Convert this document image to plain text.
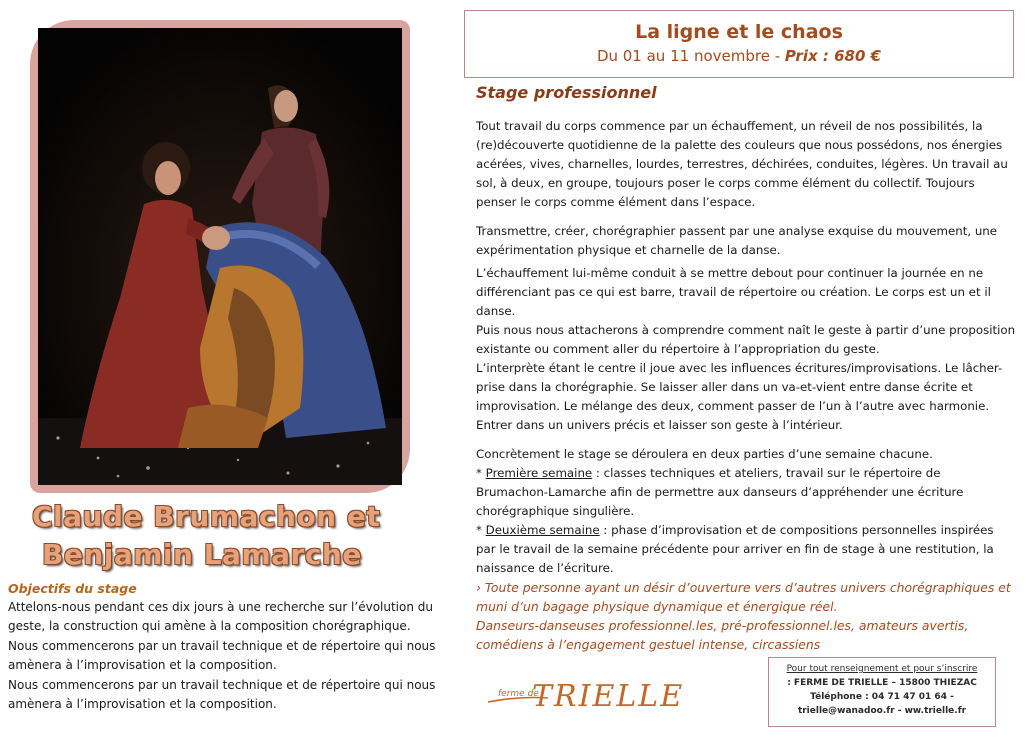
Claude Brumachon et
Benjamin Lamarche
Objectifs du stage

Attelons-nous pendant ces dix jours à une recherche sur l’évolution du geste, la construction qui amène à la composition chorégraphique.

Nous commencerons par un travail technique et de répertoire qui nous amènera à l’improvisation et la composition.

Nous commencerons par un travail technique et de répertoire qui nous amènera à l’improvisation et la composition.

La ligne et le chaos
Du 01 au 11 novembre - Prix : 680 €
Stage professionnel

Tout travail du corps commence par un échauffement, un réveil de nos possibilités, la (re)découverte quotidienne de la palette des couleurs que nous possédons, nos énergies acérées, vives, charnelles, lourdes, terrestres, déchirées, conduites, légères. Un travail au sol, à deux, en groupe, toujours poser le corps comme élément du collectif. Toujours penser le corps comme élément dans l’espace.

Transmettre, créer, chorégraphier passent par une analyse exquise du mouvement, une expérimentation physique et charnelle de la danse.

L’échauffement lui-même conduit à se mettre debout pour continuer la journée en ne différenciant pas ce qui est barre, travail de répertoire ou création. Le corps est un et il danse.

Puis nous nous attacherons à comprendre comment naît le geste à partir d’une proposition existante ou comment aller du répertoire à l’appropriation du geste.

L’interprète étant le centre il joue avec les influences écritures/improvisations. Le lâcher-prise dans la chorégraphie. Se laisser aller dans un va-et-vient entre danse écrite et improvisation. Le mélange des deux, comment passer de l’un à l’autre avec harmonie. Entrer dans un univers précis et laisser son geste à l’intérieur.

Concrètement le stage se déroulera en deux parties d’une semaine chacune.

* Première semaine : classes techniques et ateliers, travail sur le répertoire de Brumachon-Lamarche afin de permettre aux danseurs d’appréhender une écriture chorégraphique singulière.

* Deuxième semaine : phase d’improvisation et de compositions personnelles inspirées par le travail de la semaine précédente pour arriver en fin de stage à une restitution, la naissance de l’écriture.

› Toute personne ayant un désir d’ouverture vers d’autres univers chorégraphiques et muni d’un bagage physique dynamique et énergique réel.

Danseurs-danseuses professionnel.les, pré-professionnel.les, amateurs avertis, comédiens à l’engagement gestuel intense, circassiens

ferme de
TRIELLE
Pour tout renseignement et pour s’inscrire
: FERME DE TRIELLE – 15800 THIEZAC
Téléphone : 04 71 47 01 64 -
trielle@wanadoo.fr - ww.trielle.fr
